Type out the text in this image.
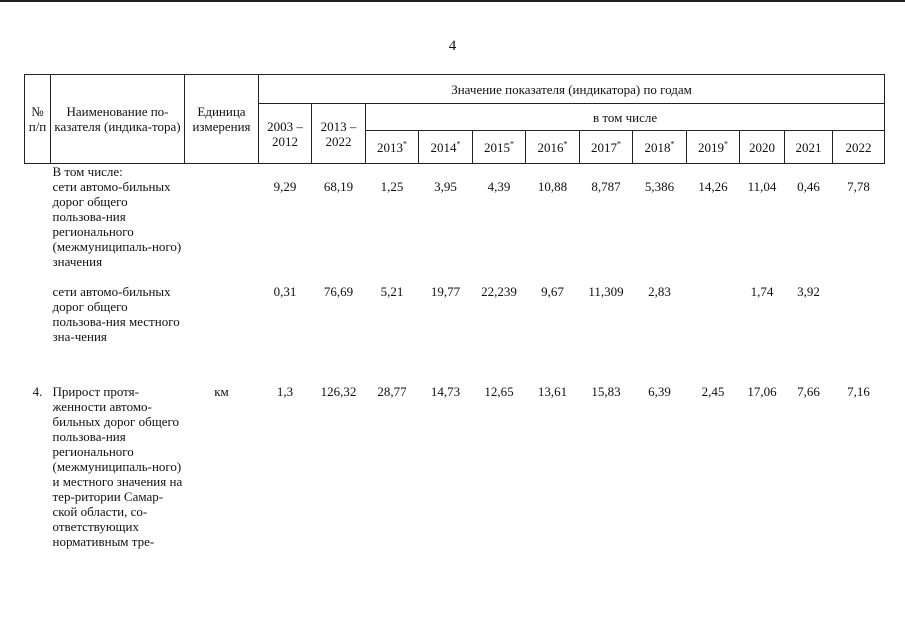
4
№ п/п	Наименование по-казателя (индика-тора)	Единица измерения	Значение показателя (индикатора) по годам											
			2003 – 2012	2013 – 2022	в том числе									
					2013*	2014*	2015*	2016*	2017*	2018*	2019*	2020	2021	2022
	В том числе:													
	сети автомо-бильных дорог общего пользова-ния регионального (межмуниципаль-ного) значения		9,29	68,19	1,25	3,95	4,39	10,88	8,787	5,386	14,26	11,04	0,46	7,78
	сети автомо-бильных дорог общего пользова-ния местного зна-чения		0,31	76,69	5,21	19,77	22,239	9,67	11,309	2,83		1,74	3,92	
4.	Прирост протя-женности автомо-бильных дорог общего пользова-ния регионального (межмуниципаль-ного) и местного значения на тер-ритории Самар-ской области, со-ответствующих нормативным тре-	км	1,3	126,32	28,77	14,73	12,65	13,61	15,83	6,39	2,45	17,06	7,66	7,16
